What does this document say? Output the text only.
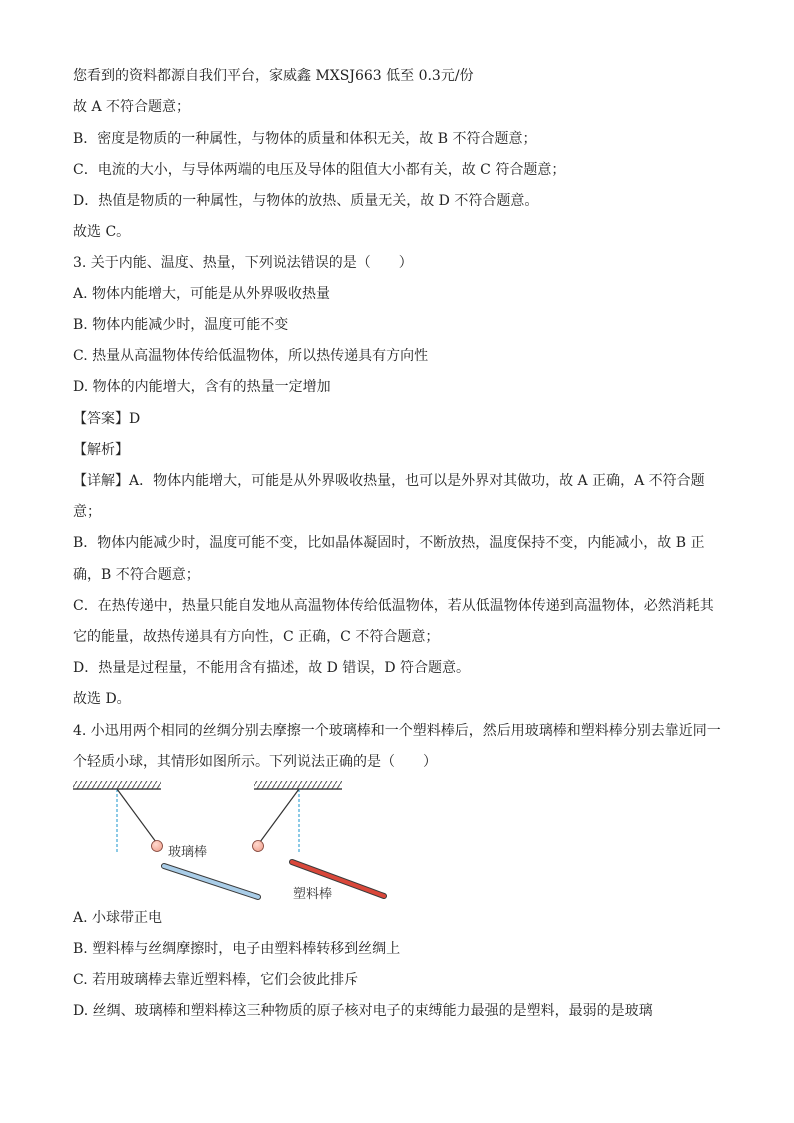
您看到的资料都源自我们平台，家威鑫 MXSJ663 低至 0.3元/份
故 A 不符合题意；
B．密度是物质的一种属性，与物体的质量和体积无关，故 B 不符合题意；
C．电流的大小，与导体两端的电压及导体的阻值大小都有关，故 C 符合题意；
D．热值是物质的一种属性，与物体的放热、质量无关，故 D 不符合题意。
故选 C。
3. 关于内能、温度、热量，下列说法错误的是（　　）
A. 物体内能增大，可能是从外界吸收热量
B. 物体内能减少时，温度可能不变
C. 热量从高温物体传给低温物体，所以热传递具有方向性
D. 物体的内能增大，含有的热量一定增加
【答案】D
【解析】
【详解】A．物体内能增大，可能是从外界吸收热量，也可以是外界对其做功，故 A 正确，A 不符合题
意；
B．物体内能减少时，温度可能不变，比如晶体凝固时，不断放热，温度保持不变，内能减小，故 B 正
确，B 不符合题意；
C．在热传递中，热量只能自发地从高温物体传给低温物体，若从低温物体传递到高温物体，必然消耗其
它的能量，故热传递具有方向性，C 正确，C 不符合题意；
D．热量是过程量，不能用含有描述，故 D 错误，D 符合题意。
故选 D。
4. 小迅用两个相同的丝绸分别去摩擦一个玻璃棒和一个塑料棒后，然后用玻璃棒和塑料棒分别去靠近同一
个轻质小球，其情形如图所示。下列说法正确的是（　　）
玻璃棒
塑料棒
A. 小球带正电
B. 塑料棒与丝绸摩擦时，电子由塑料棒转移到丝绸上
C. 若用玻璃棒去靠近塑料棒，它们会彼此排斥
D. 丝绸、玻璃棒和塑料棒这三种物质的原子核对电子的束缚能力最强的是塑料，最弱的是玻璃
